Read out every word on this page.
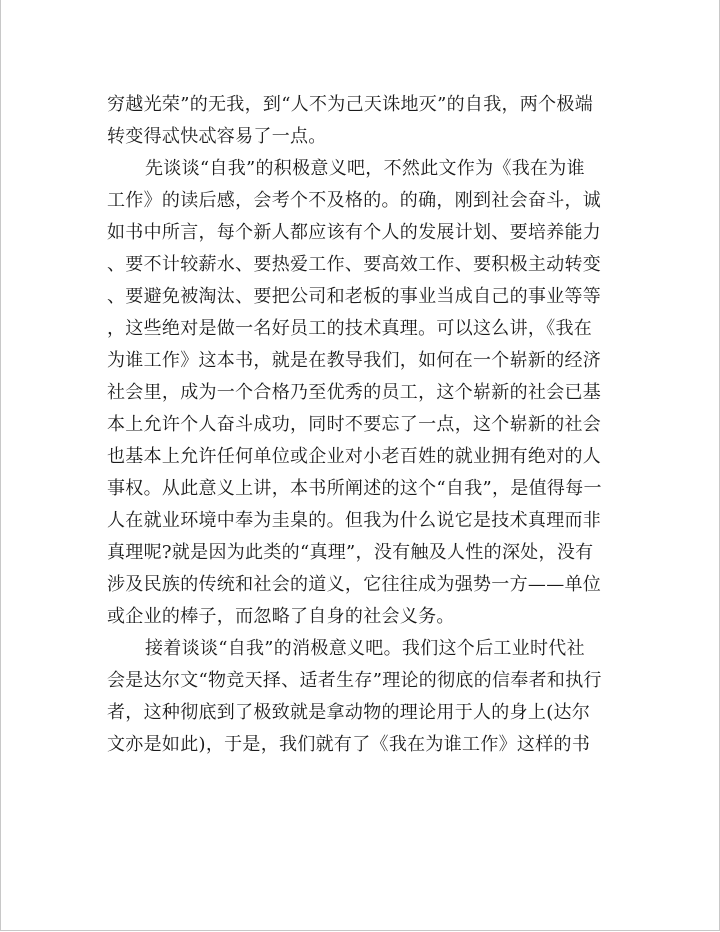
穷越光荣”的无我，到“人不为己天诛地灭”的自我，两个极端
转变得忒快忒容易了一点。
先谈谈“自我”的积极意义吧，不然此文作为《我在为谁
工作》的读后感，会考个不及格的。的确，刚到社会奋斗，诚
如书中所言，每个新人都应该有个人的发展计划、要培养能力
、要不计较薪水、要热爱工作、要高效工作、要积极主动转变
、要避免被淘汰、要把公司和老板的事业当成自己的事业等等
，这些绝对是做一名好员工的技术真理。可以这么讲，《我在
为谁工作》这本书，就是在教导我们，如何在一个崭新的经济
社会里，成为一个合格乃至优秀的员工，这个崭新的社会已基
本上允许个人奋斗成功，同时不要忘了一点，这个崭新的社会
也基本上允许任何单位或企业对小老百姓的就业拥有绝对的人
事权。从此意义上讲，本书所阐述的这个“自我”，是值得每一
人在就业环境中奉为圭臬的。但我为什么说它是技术真理而非
真理呢?就是因为此类的“真理”，没有触及人性的深处，没有
涉及民族的传统和社会的道义，它往往成为强势一方——单位
或企业的棒子，而忽略了自身的社会义务。
接着谈谈“自我”的消极意义吧。我们这个后工业时代社
会是达尔文“物竞天择、适者生存”理论的彻底的信奉者和执行
者，这种彻底到了极致就是拿动物的理论用于人的身上(达尔
文亦是如此)，于是，我们就有了《我在为谁工作》这样的书
